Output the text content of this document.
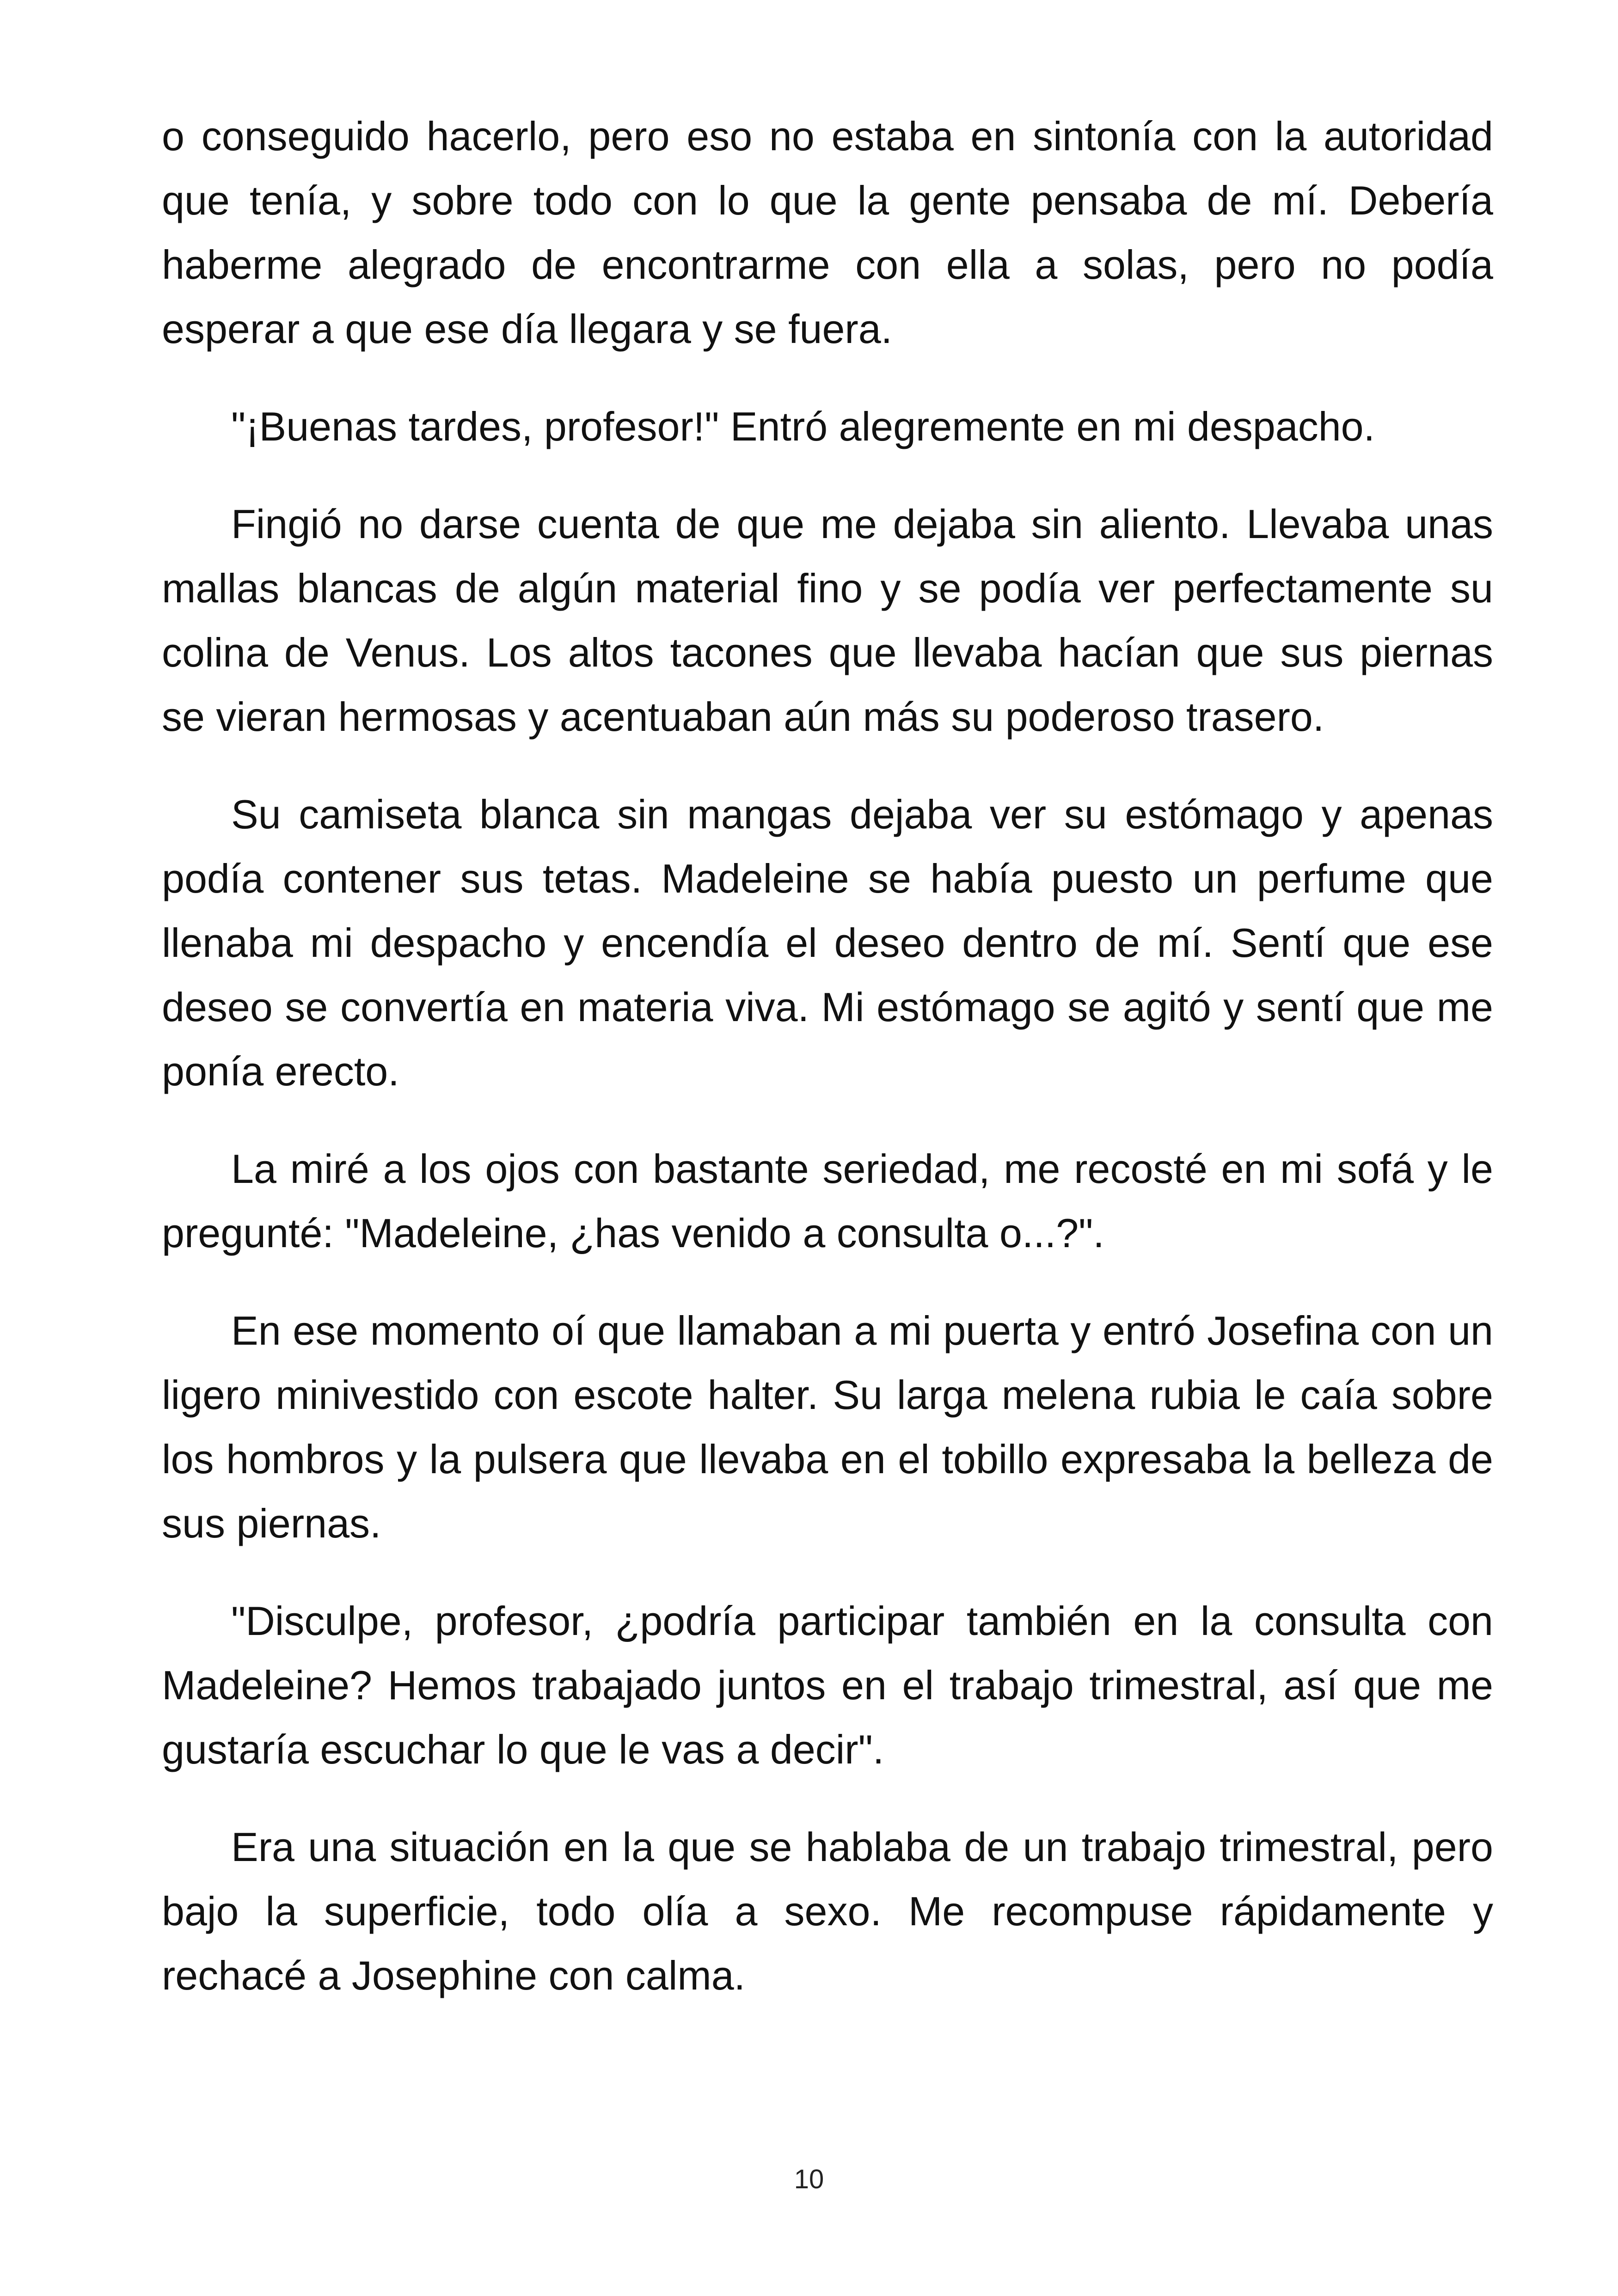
o conseguido hacerlo, pero eso no estaba en sintonía con la autoridad que tenía, y sobre todo con lo que la gente pensaba de mí. Debería haberme alegrado de encontrarme con ella a solas, pero no podía esperar a que ese día llegara y se fuera.

"¡Buenas tardes, profesor!" Entró alegremente en mi despacho.

Fingió no darse cuenta de que me dejaba sin aliento. Llevaba unas mallas blancas de algún material fino y se podía ver perfectamente su colina de Venus. Los altos tacones que llevaba hacían que sus piernas se vieran hermosas y acentuaban aún más su poderoso trasero.

Su camiseta blanca sin mangas dejaba ver su estómago y apenas podía contener sus tetas. Madeleine se había puesto un perfume que llenaba mi despacho y encendía el deseo dentro de mí. Sentí que ese deseo se convertía en materia viva. Mi estómago se agitó y sentí que me ponía erecto.

La miré a los ojos con bastante seriedad, me recosté en mi sofá y le pregunté: "Madeleine, ¿has venido a consulta o...?".

En ese momento oí que llamaban a mi puerta y entró Josefina con un ligero minivestido con escote halter. Su larga melena rubia le caía sobre los hombros y la pulsera que llevaba en el tobillo expresaba la belleza de sus piernas.

"Disculpe, profesor, ¿podría participar también en la consulta con Madeleine? Hemos trabajado juntos en el trabajo trimestral, así que me gustaría escuchar lo que le vas a decir".

Era una situación en la que se hablaba de un trabajo trimestral, pero bajo la superficie, todo olía a sexo. Me recompuse rápidamente y rechacé a Josephine con calma.

10
